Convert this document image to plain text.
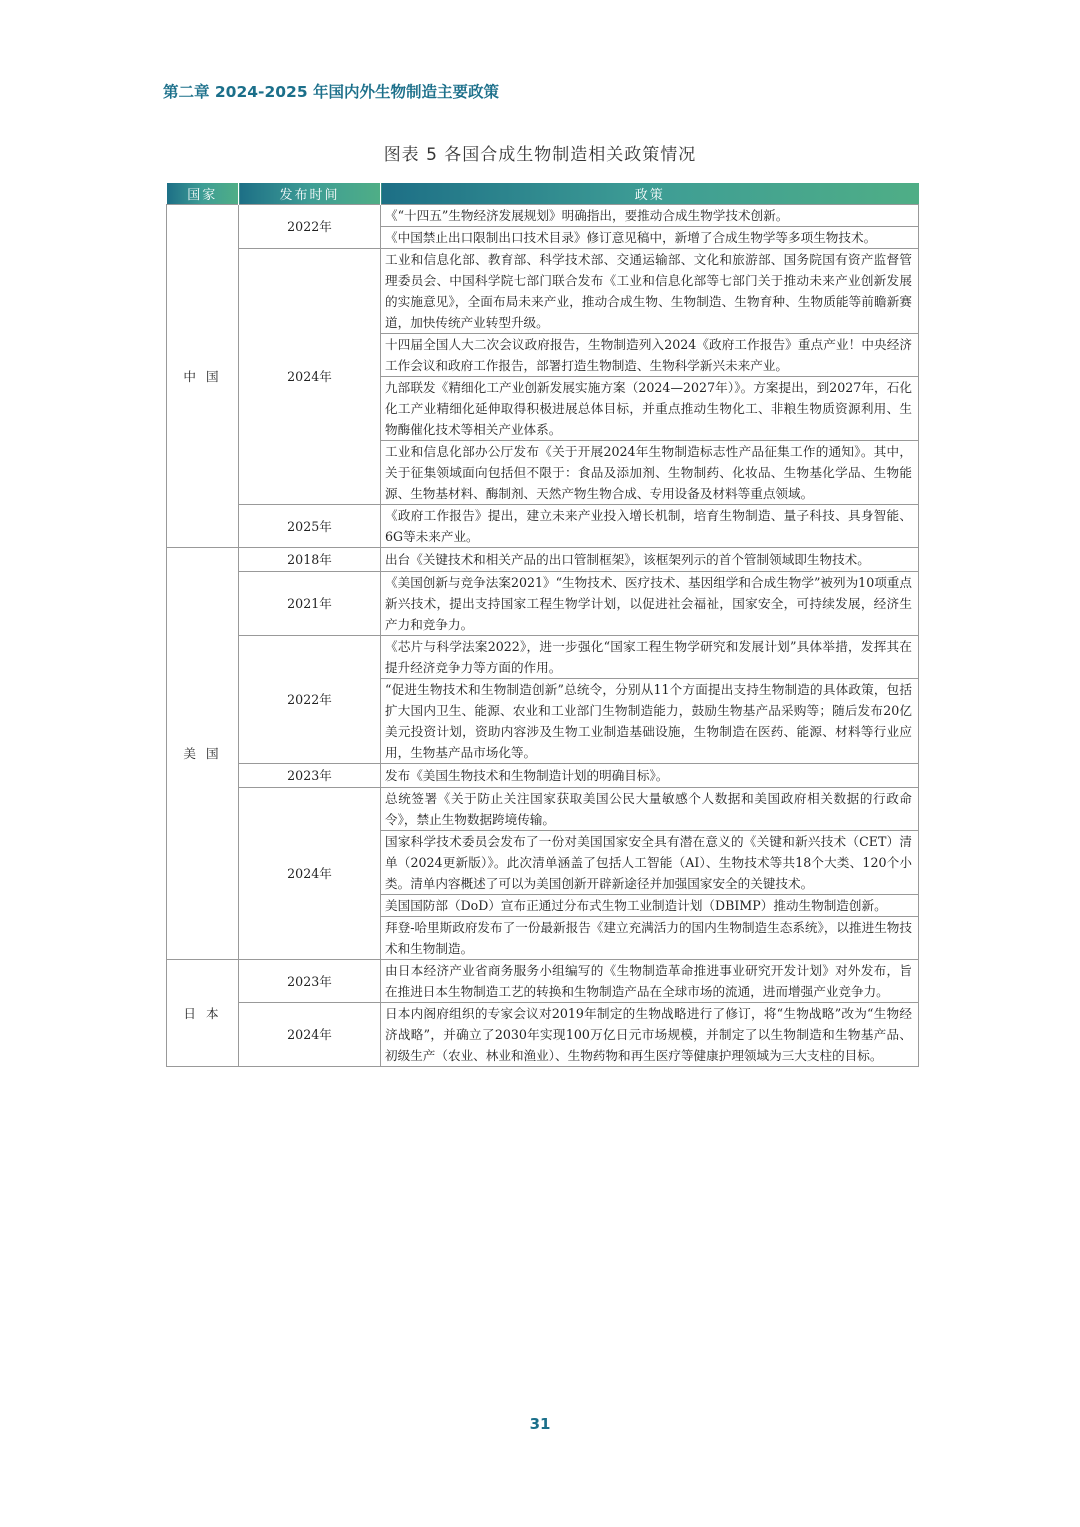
第二章 2024-2025 年国内外生物制造主要政策
图表 5 各国合成生物制造相关政策情况
国家	发布时间	政策
中 国	2022年	《“十四五”生物经济发展规划》明确指出，要推动合成生物学技术创新。
		《中国禁止出口限制出口技术目录》修订意见稿中，新增了合成生物学等多项生物技术。
	2024年	工业和信息化部、教育部、科学技术部、交通运输部、文化和旅游部、国务院国有资产监督管理委员会、中国科学院七部门联合发布《工业和信息化部等七部门关于推动未来产业创新发展的实施意见》，全面布局未来产业，推动合成生物、生物制造、生物育种、生物质能等前瞻新赛道，加快传统产业转型升级。
		十四届全国人大二次会议政府报告，生物制造列入2024《政府工作报告》重点产业！中央经济工作会议和政府工作报告，部署打造生物制造、生物科学新兴未来产业。
		九部联发《精细化工产业创新发展实施方案（2024—2027年）》。方案提出，到2027年，石化化工产业精细化延伸取得积极进展总体目标，并重点推动生物化工、非粮生物质资源利用、生物酶催化技术等相关产业体系。
		工业和信息化部办公厅发布《关于开展2024年生物制造标志性产品征集工作的通知》。其中，关于征集领域面向包括但不限于：食品及添加剂、生物制药、化妆品、生物基化学品、生物能源、生物基材料、酶制剂、天然产物生物合成、专用设备及材料等重点领域。
	2025年	《政府工作报告》提出，建立未来产业投入增长机制，培育生物制造、量子科技、具身智能、6G等未来产业。
美 国	2018年	出台《关键技术和相关产品的出口管制框架》，该框架列示的首个管制领域即生物技术。
	2021年	《美国创新与竞争法案2021》“生物技术、医疗技术、基因组学和合成生物学”被列为10项重点新兴技术，提出支持国家工程生物学计划，以促进社会福祉，国家安全，可持续发展，经济生产力和竞争力。
	2022年	《芯片与科学法案2022》，进一步强化“国家工程生物学研究和发展计划”具体举措，发挥其在提升经济竞争力等方面的作用。
		“促进生物技术和生物制造创新”总统令，分别从11个方面提出支持生物制造的具体政策，包括扩大国内卫生、能源、农业和工业部门生物制造能力，鼓励生物基产品采购等；随后发布20亿美元投资计划，资助内容涉及生物工业制造基础设施，生物制造在医药、能源、材料等行业应用，生物基产品市场化等。
	2023年	发布《美国生物技术和生物制造计划的明确目标》。
	2024年	总统签署《关于防止关注国家获取美国公民大量敏感个人数据和美国政府相关数据的行政命令》，禁止生物数据跨境传输。
		国家科学技术委员会发布了一份对美国国家安全具有潜在意义的《关键和新兴技术（CET）清单（2024更新版）》。此次清单涵盖了包括人工智能（AI）、生物技术等共18个大类、120个小类。清单内容概述了可以为美国创新开辟新途径并加强国家安全的关键技术。
		美国国防部（DoD）宣布正通过分布式生物工业制造计划（DBIMP）推动生物制造创新。
		拜登-哈里斯政府发布了一份最新报告《建立充满活力的国内生物制造生态系统》，以推进生物技术和生物制造。
日 本	2023年	由日本经济产业省商务服务小组编写的《生物制造革命推进事业研究开发计划》对外发布，旨在推进日本生物制造工艺的转换和生物制造产品在全球市场的流通，进而增强产业竞争力。
	2024年	日本内阁府组织的专家会议对2019年制定的生物战略进行了修订，将“生物战略”改为“生物经济战略”，并确立了2030年实现100万亿日元市场规模，并制定了以生物制造和生物基产品、初级生产（农业、林业和渔业）、生物药物和再生医疗等健康护理领域为三大支柱的目标。
31
